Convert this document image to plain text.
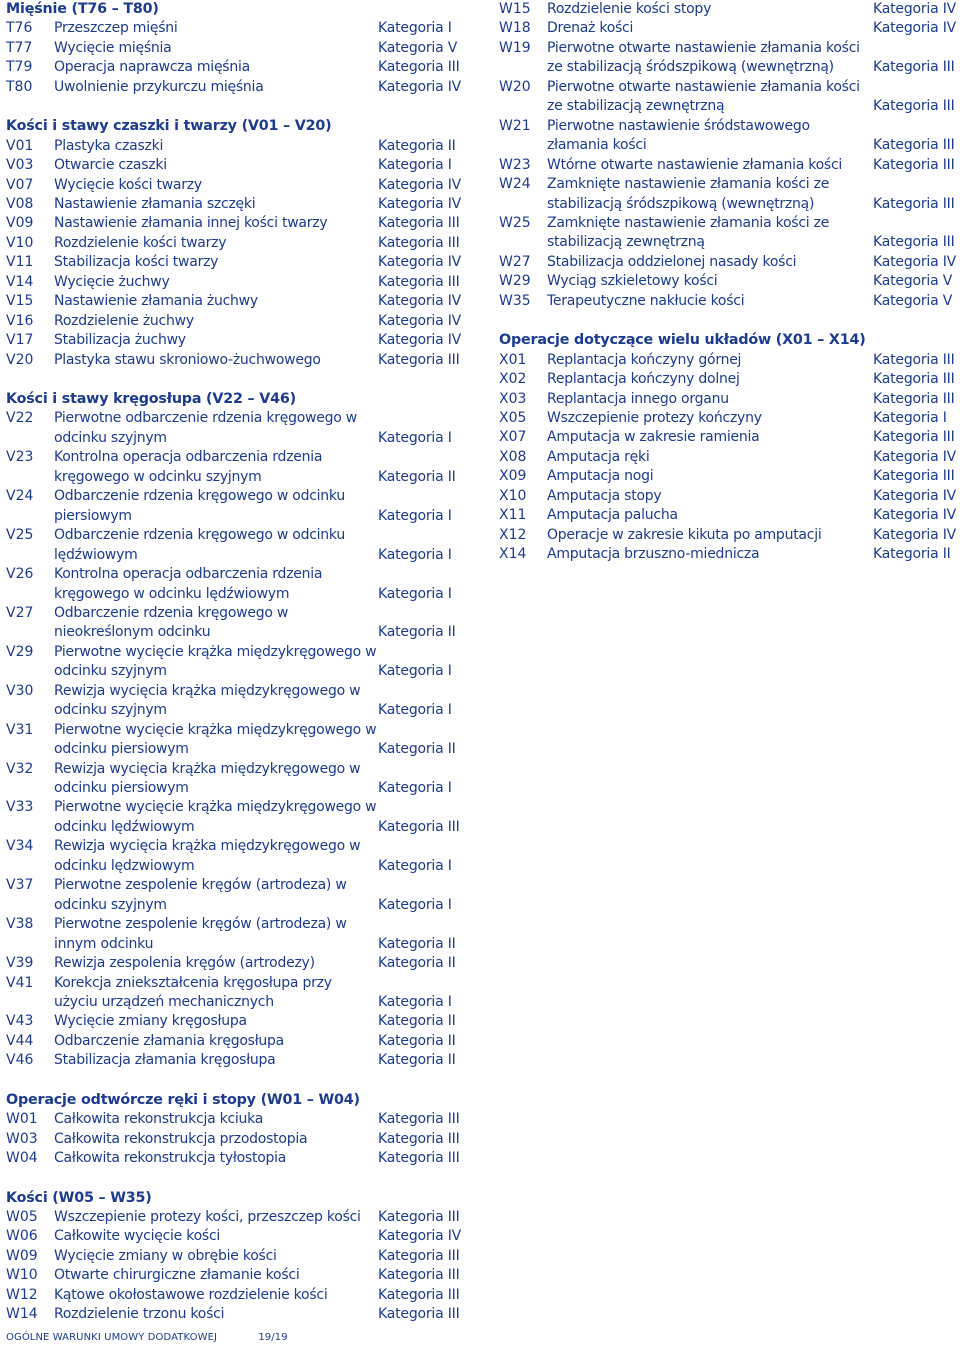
Mięśnie (T76 – T80)
T76	Przeszczep mięśni	Kategoria I
T77	Wycięcie mięśnia	Kategoria V
T79	Operacja naprawcza mięśnia	Kategoria III
T80	Uwolnienie przykurczu mięśnia	Kategoria IV
Kości i stawy czaszki i twarzy (V01 – V20)
V01	Plastyka czaszki	Kategoria II
V03	Otwarcie czaszki	Kategoria I
V07	Wycięcie kości twarzy	Kategoria IV
V08	Nastawienie złamania szczęki	Kategoria IV
V09	Nastawienie złamania innej kości twarzy	Kategoria III
V10	Rozdzielenie kości twarzy	Kategoria III
V11	Stabilizacja kości twarzy	Kategoria IV
V14	Wycięcie żuchwy	Kategoria III
V15	Nastawienie złamania żuchwy	Kategoria IV
V16	Rozdzielenie żuchwy	Kategoria IV
V17	Stabilizacja żuchwy	Kategoria IV
V20	Plastyka stawu skroniowo-żuchwowego	Kategoria III
Kości i stawy kręgosłupa (V22 – V46)
V22	Pierwotne odbarczenie rdzenia kręgowego w odcinku szyjnym	Kategoria I
V23	Kontrolna operacja odbarczenia rdzenia kręgowego w odcinku szyjnym	Kategoria II
V24	Odbarczenie rdzenia kręgowego w odcinku piersiowym	Kategoria I
V25	Odbarczenie rdzenia kręgowego w odcinku lędźwiowym	Kategoria I
V26	Kontrolna operacja odbarczenia rdzenia kręgowego w odcinku lędźwiowym	Kategoria I
V27	Odbarczenie rdzenia kręgowego w nieokreślonym odcinku	Kategoria II
V29	Pierwotne wycięcie krążka międzykręgowego w odcinku szyjnym	Kategoria I
V30	Rewizja wycięcia krążka międzykręgowego w odcinku szyjnym	Kategoria I
V31	Pierwotne wycięcie krążka międzykręgowego w odcinku piersiowym	Kategoria II
V32	Rewizja wycięcia krążka międzykręgowego w odcinku piersiowym	Kategoria I
V33	Pierwotne wycięcie krążka międzykręgowego w odcinku lędźwiowym	Kategoria III
V34	Rewizja wycięcia krążka międzykręgowego w odcinku lędzwiowym	Kategoria I
V37	Pierwotne zespolenie kręgów (artrodeza) w odcinku szyjnym	Kategoria I
V38	Pierwotne zespolenie kręgów (artrodeza) w innym odcinku	Kategoria II
V39	Rewizja zespolenia kręgów (artrodezy)	Kategoria II
V41	Korekcja zniekształcenia kręgosłupa przy użyciu urządzeń mechanicznych	Kategoria I
V43	Wycięcie zmiany kręgosłupa	Kategoria II
V44	Odbarczenie złamania kręgosłupa	Kategoria II
V46	Stabilizacja złamania kręgosłupa	Kategoria II
Operacje odtwórcze ręki i stopy (W01 – W04)
W01	Całkowita rekonstrukcja kciuka	Kategoria III
W03	Całkowita rekonstrukcja przodostopia	Kategoria III
W04	Całkowita rekonstrukcja tyłostopia	Kategoria III
Kości (W05 – W35)
W05	Wszczepienie protezy kości, przeszczep kości	Kategoria III
W06	Całkowite wycięcie kości	Kategoria IV
W09	Wycięcie zmiany w obrębie kości	Kategoria III
W10	Otwarte chirurgiczne złamanie kości	Kategoria III
W12	Kątowe okołostawowe rozdzielenie kości	Kategoria III
W14	Rozdzielenie trzonu kości	Kategoria III
W15	Rozdzielenie kości stopy	Kategoria IV
W18	Drenaż kości	Kategoria IV
W19	Pierwotne otwarte nastawienie złamania kości ze stabilizacją śródszpikową (wewnętrzną)	Kategoria III
W20	Pierwotne otwarte nastawienie złamania kości ze stabilizacją zewnętrzną	Kategoria III
W21	Pierwotne nastawienie śródstawowego złamania kości	Kategoria III
W23	Wtórne otwarte nastawienie złamania kości	Kategoria III
W24	Zamknięte nastawienie złamania kości ze stabilizacją śródszpikową (wewnętrzną)	Kategoria III
W25	Zamknięte nastawienie złamania kości ze stabilizacją zewnętrzną	Kategoria III
W27	Stabilizacja oddzielonej nasady kości	Kategoria IV
W29	Wyciąg szkieletowy kości	Kategoria V
W35	Terapeutyczne nakłucie kości	Kategoria V
Operacje dotyczące wielu układów (X01 – X14)
X01	Replantacja kończyny górnej	Kategoria III
X02	Replantacja kończyny dolnej	Kategoria III
X03	Replantacja innego organu	Kategoria III
X05	Wszczepienie protezy kończyny	Kategoria I
X07	Amputacja w zakresie ramienia	Kategoria III
X08	Amputacja ręki	Kategoria IV
X09	Amputacja nogi	Kategoria III
X10	Amputacja stopy	Kategoria IV
X11	Amputacja palucha	Kategoria IV
X12	Operacje w zakresie kikuta po amputacji	Kategoria IV
X14	Amputacja brzuszno-miednicza	Kategoria II
OGÓLNE WARUNKI UMOWY DODATKOWEJ	19/19
